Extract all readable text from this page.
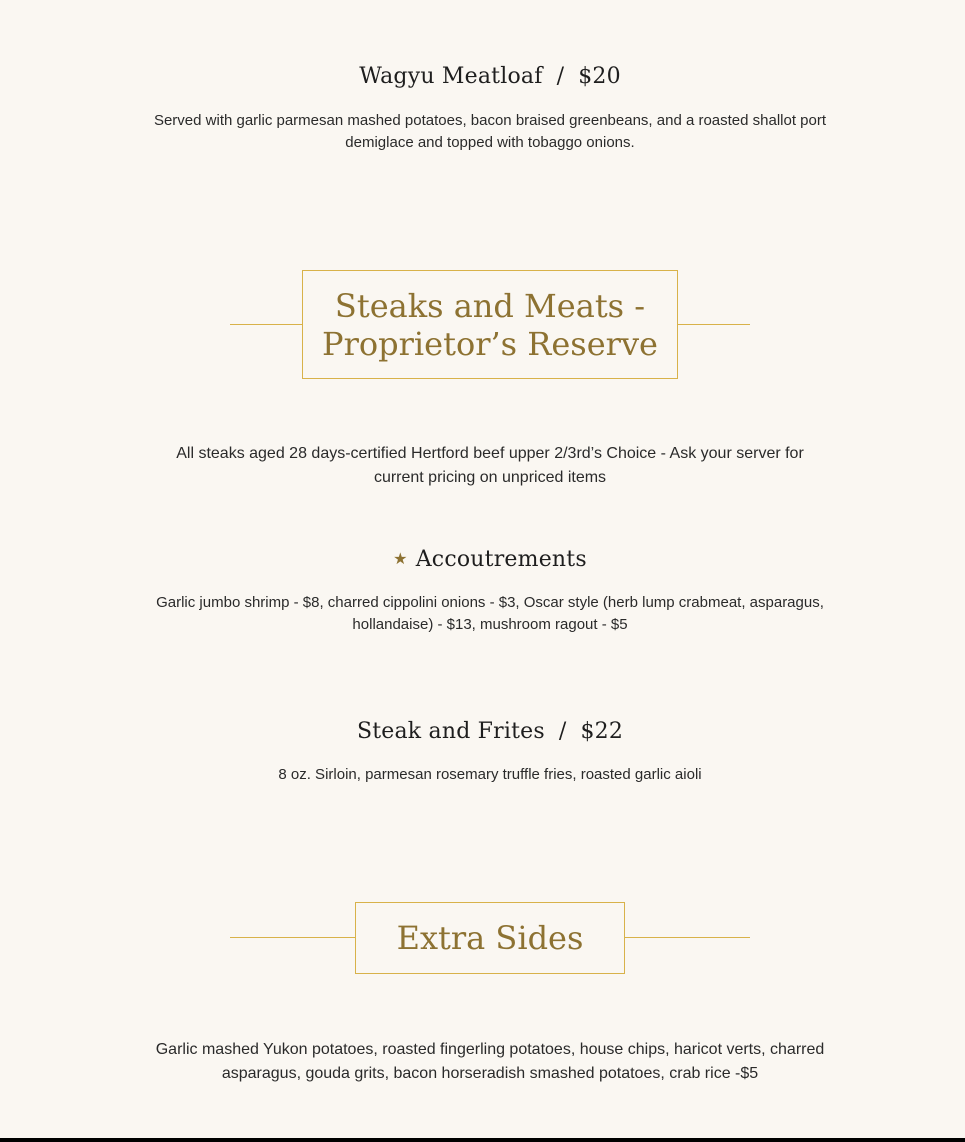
Wagyu Meatloaf / $20
Served with garlic parmesan mashed potatoes, bacon braised greenbeans, and a roasted shallot port demiglace and topped with tobaggo onions.
Steaks and Meats -
Proprietor’s Reserve
All steaks aged 28 days-certified Hertford beef upper 2/3rd’s Choice - Ask your server for current pricing on unpriced items
★ Accoutrements
Garlic jumbo shrimp - $8, charred cippolini onions - $3, Oscar style (herb lump crabmeat, asparagus, hollandaise) - $13, mushroom ragout - $5
Steak and Frites / $22
8 oz. Sirloin, parmesan rosemary truffle fries, roasted garlic aioli
Extra Sides
Garlic mashed Yukon potatoes, roasted fingerling potatoes, house chips, haricot verts, charred asparagus, gouda grits, bacon horseradish smashed potatoes, crab rice -$5
